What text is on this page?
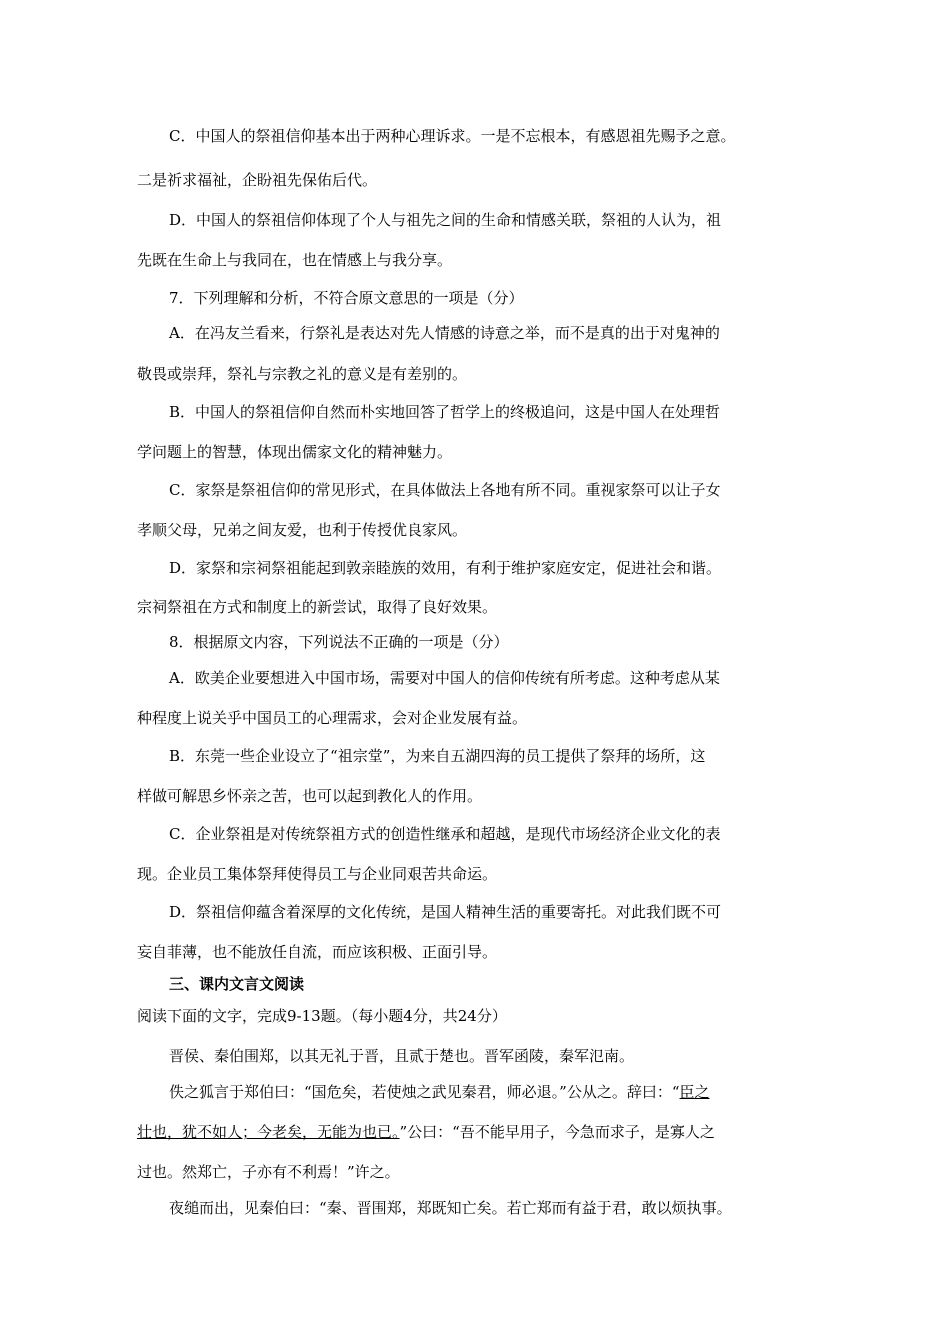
C．中国人的祭祖信仰基本出于两种心理诉求。一是不忘根本，有感恩祖先赐予之意。
二是祈求福祉，企盼祖先保佑后代。
D．中国人的祭祖信仰体现了个人与祖先之间的生命和情感关联，祭祖的人认为，祖
先既在生命上与我同在，也在情感上与我分享。
7．下列理解和分析，不符合原文意思的一项是（分）
A．在冯友兰看来，行祭礼是表达对先人情感的诗意之举，而不是真的出于对鬼神的
敬畏或崇拜，祭礼与宗教之礼的意义是有差别的。
B．中国人的祭祖信仰自然而朴实地回答了哲学上的终极追问，这是中国人在处理哲
学问题上的智慧，体现出儒家文化的精神魅力。
C．家祭是祭祖信仰的常见形式，在具体做法上各地有所不同。重视家祭可以让子女
孝顺父母，兄弟之间友爱，也利于传授优良家风。
D．家祭和宗祠祭祖能起到敦亲睦族的效用，有利于维护家庭安定，促进社会和谐。
宗祠祭祖在方式和制度上的新尝试，取得了良好效果。
8．根据原文内容，下列说法不正确的一项是（分）
A．欧美企业要想进入中国市场，需要对中国人的信仰传统有所考虑。这种考虑从某
种程度上说关乎中国员工的心理需求，会对企业发展有益。
B．东莞一些企业设立了“祖宗堂”，为来自五湖四海的员工提供了祭拜的场所，这
样做可解思乡怀亲之苦，也可以起到教化人的作用。
C．企业祭祖是对传统祭祖方式的创造性继承和超越，是现代市场经济企业文化的表
现。企业员工集体祭拜使得员工与企业同艰苦共命运。
D．祭祖信仰蕴含着深厚的文化传统，是国人精神生活的重要寄托。对此我们既不可
妄自菲薄，也不能放任自流，而应该积极、正面引导。
三、课内文言文阅读
阅读下面的文字，完成9-13题。（每小题4分，共24分）
晋侯、秦伯围郑，以其无礼于晋，且贰于楚也。晋军函陵，秦军氾南。
佚之狐言于郑伯曰：“国危矣，若使烛之武见秦君，师必退。”公从之。辞曰：“臣之
壮也，犹不如人；今老矣，无能为也已。”公曰：“吾不能早用子，今急而求子，是寡人之
过也。然郑亡，子亦有不利焉！”许之。
夜缒而出，见秦伯曰：“秦、晋围郑，郑既知亡矣。若亡郑而有益于君，敢以烦执事。
